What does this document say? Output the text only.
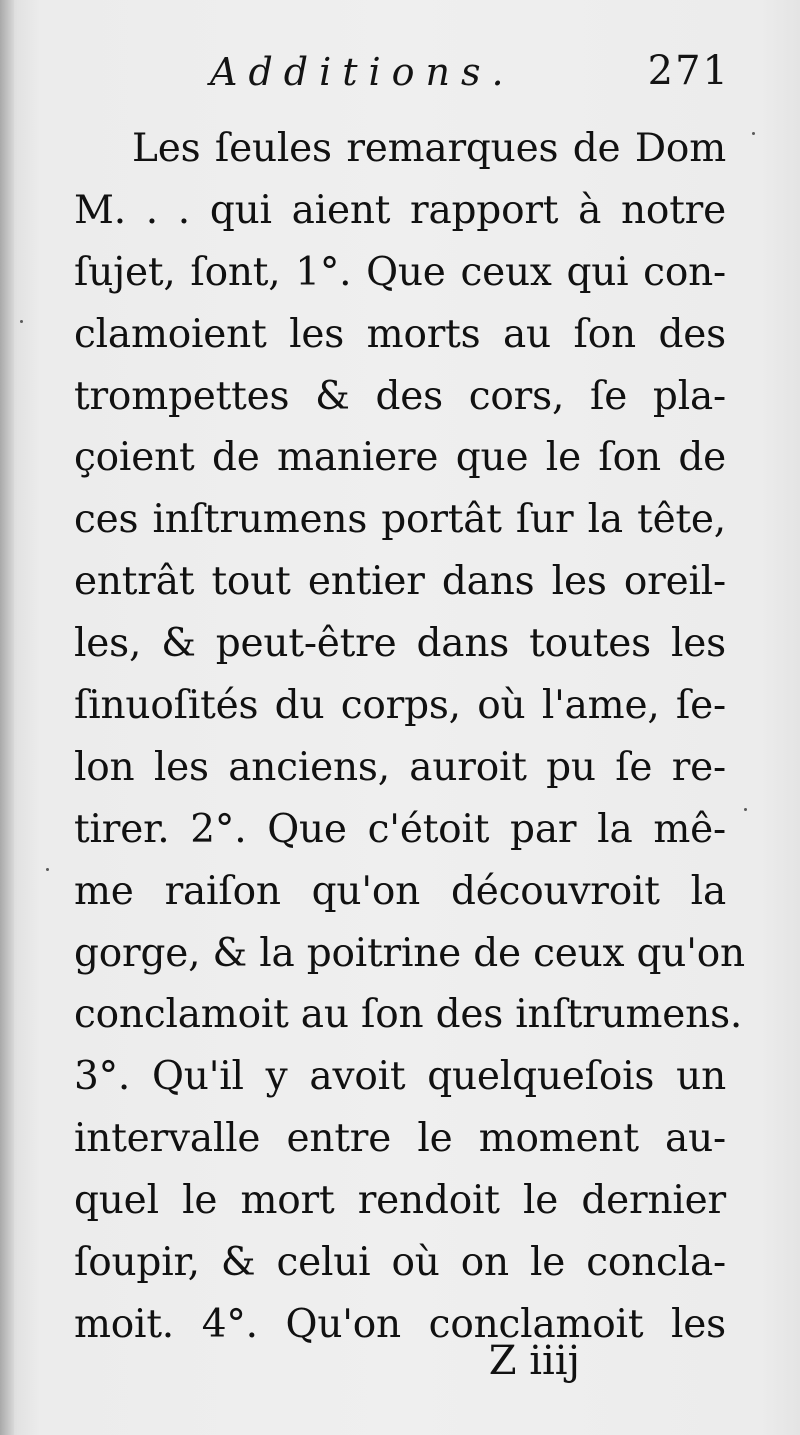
Additions.	271
Les ſeules remarques de Dom
M. . . qui aient rapport à notre
ſujet, ſont, 1°. Que ceux qui con-
clamoient les morts au ſon des
trompettes & des cors, ſe pla-
çoient de maniere que le ſon de
ces inſtrumens portât ſur la tête,
entrât tout entier dans les oreil-
les, & peut-être dans toutes les
ſinuoſités du corps, où l'ame, ſe-
lon les anciens, auroit pu ſe re-
tirer. 2°. Que c'étoit par la mê-
me raiſon qu'on découvroit la
gorge, & la poitrine de ceux qu'on
conclamoit au ſon des inſtrumens.
3°. Qu'il y avoit quelqueſois un
intervalle entre le moment au-
quel le mort rendoit le dernier
ſoupir, & celui où on le concla-
moit. 4°. Qu'on conclamoit les
Z iiij
